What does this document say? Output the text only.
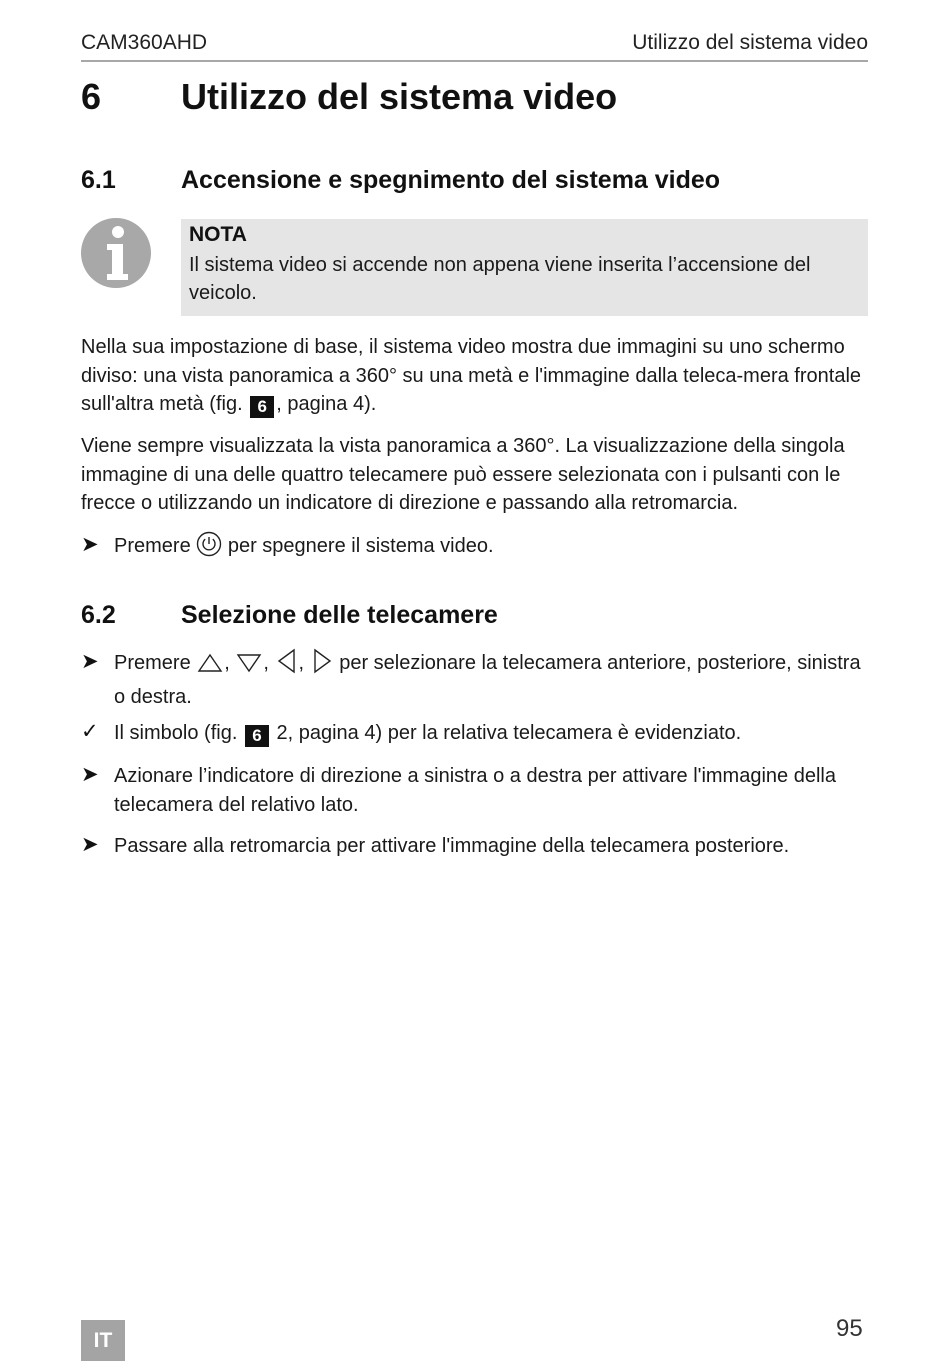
CAM360AHD	Utilizzo del sistema video
6 Utilizzo del sistema video
6.1	Accensione e spegnimento del sistema video
NOTA
Il sistema video si accende non appena viene inserita l’accensione del veicolo.
Nella sua impostazione di base, il sistema video mostra due immagini su uno schermo diviso: una vista panoramica a 360° su una metà e l'immagine dalla teleca-mera frontale sull'altra metà (fig. 6 , pagina 4).
Viene sempre visualizzata la vista panoramica a 360°. La visualizzazione della singola immagine di una delle quattro telecamere può essere selezionata con i pulsanti con le frecce o utilizzando un indicatore di direzione e passando alla retromarcia.
➤ Premere per spegnere il sistema video.
6.2	Selezione delle telecamere
➤ Premere , , , per selezionare la telecamera anteriore, posteriore, sinistra o destra.
✓ Il simbolo (fig. 6 2, pagina 4) per la relativa telecamera è evidenziato.
➤ Azionare l’indicatore di direzione a sinistra o a destra per attivare l'immagine della telecamera del relativo lato.
➤ Passare alla retromarcia per attivare l'immagine della telecamera posteriore.
IT	95
